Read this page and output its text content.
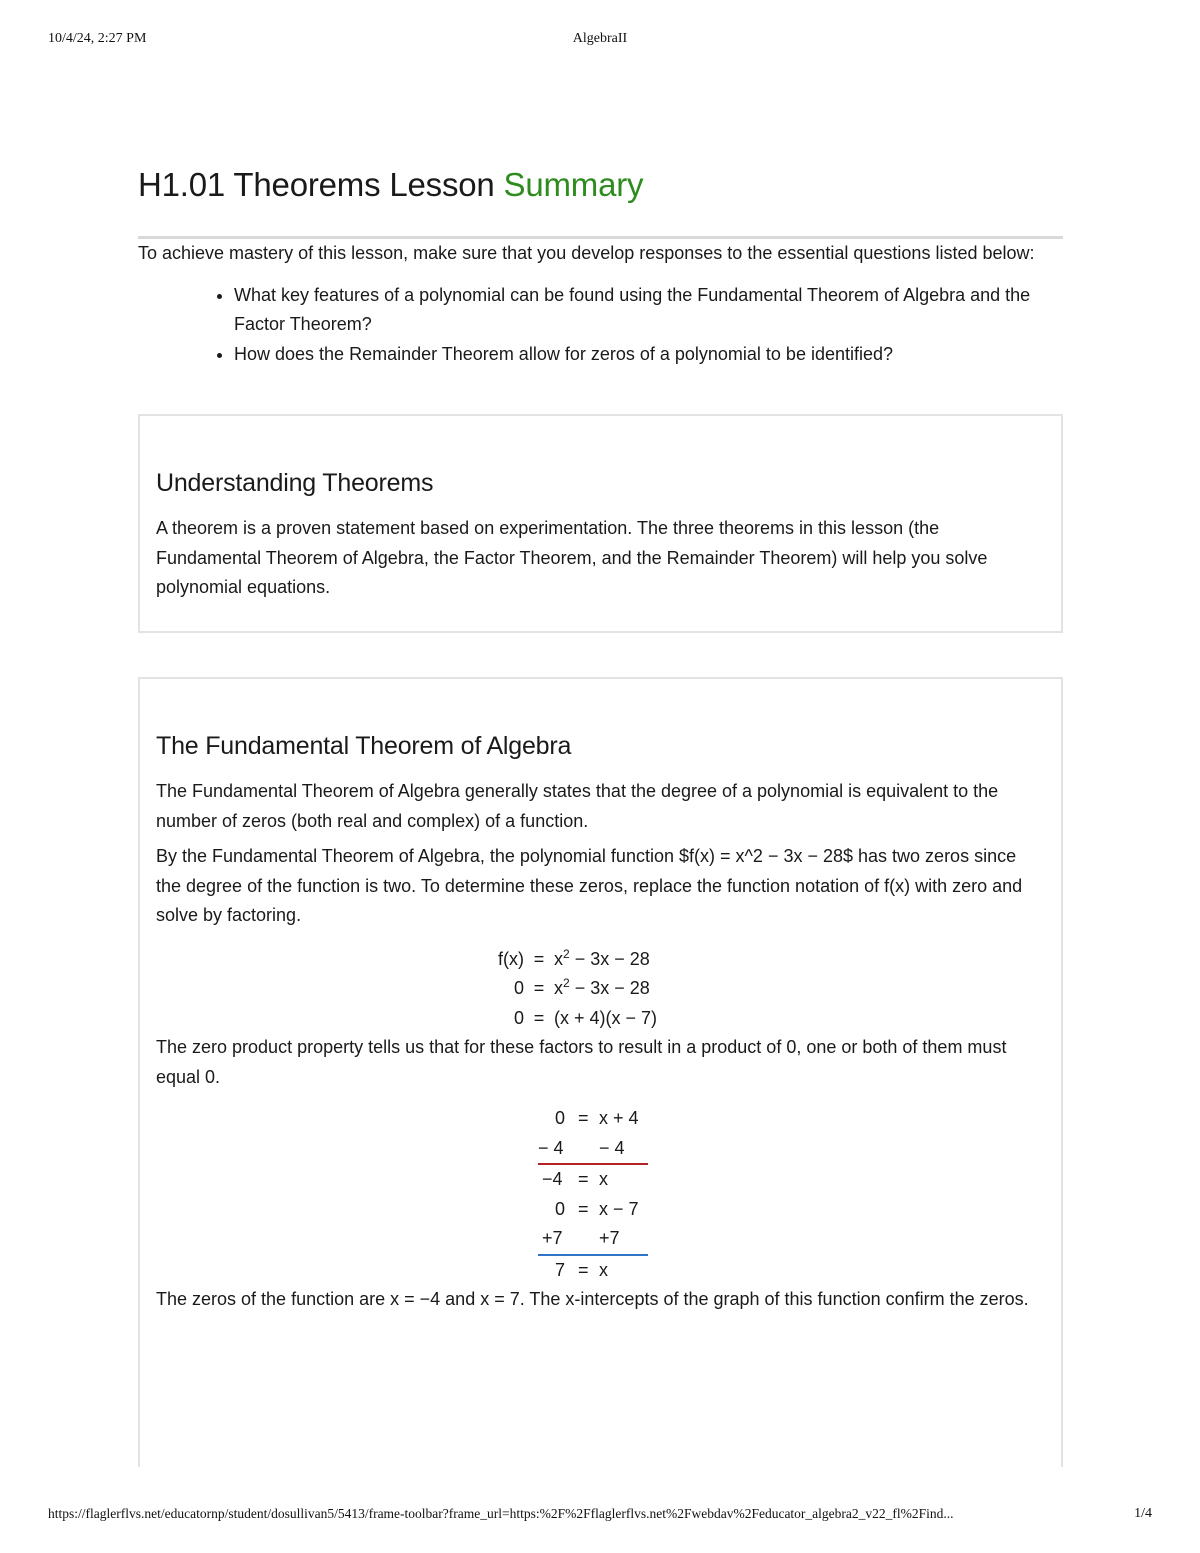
10/4/24, 2:27 PM	AlgebraII
H1.01 Theorems Lesson Summary

To achieve mastery of this lesson, make sure that you develop responses to the essential questions listed below:

• What key features of a polynomial can be found using the Fundamental Theorem of Algebra and the Factor Theorem?
• How does the Remainder Theorem allow for zeros of a polynomial to be identified?
Understanding Theorems

A theorem is a proven statement based on experimentation. The three theorems in this lesson (the Fundamental Theorem of Algebra, the Factor Theorem, and the Remainder Theorem) will help you solve polynomial equations.

The Fundamental Theorem of Algebra

The Fundamental Theorem of Algebra generally states that the degree of a polynomial is equivalent to the number of zeros (both real and complex) of a function.

By the Fundamental Theorem of Algebra, the polynomial function $f(x) = x^2 − 3x − 28$ has two zeros since the degree of the function is two. To determine these zeros, replace the function notation of f(x) with zero and solve by factoring.

f(x)	=	$x^2 - 3x - 28$
0	=	$x^2 - 3x - 28$
0	=	(x + 4)(x − 7)

The zero product property tells us that for these factors to result in a product of 0, one or both of them must equal 0.

0 = x + 4
− 4 − 4
−4 = x
0 = x − 7
+7 +7
7 = x

The zeros of the function are x = −4 and x = 7. The x-intercepts of the graph of this function confirm the zeros.

https://flaglerflvs.net/educatornp/student/dosullivan5/5413/frame-toolbar?frame_url=https:%2F%2Fflaglerflvs.net%2Fwebdav%2Feducator_algebra2_v22_fl%2Find...	1/4
